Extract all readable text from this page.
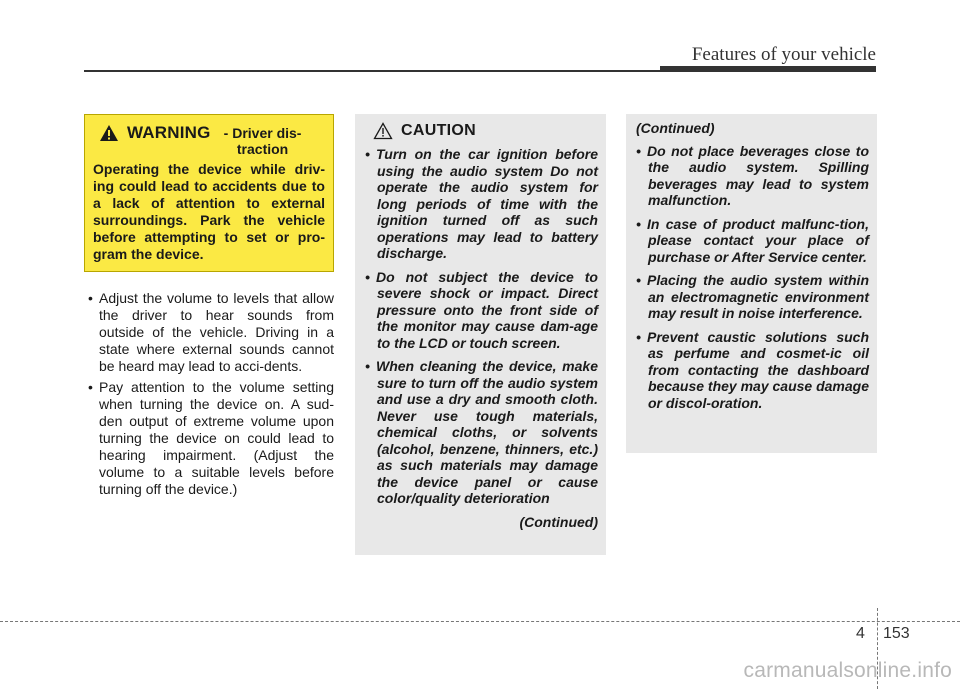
Features of your vehicle
WARNING - Driver dis-traction

Operating the device while driv-ing could lead to accidents due to a lack of attention to external surroundings. Park the vehicle before attempting to set or pro-gram the device.

• Adjust the volume to levels that allow the driver to hear sounds from outside of the vehicle. Driving in a state where external sounds cannot be heard may lead to acci-dents.
• Pay attention to the volume setting when turning the device on. A sud-den output of extreme volume upon turning the device on could lead to hearing impairment. (Adjust the volume to a suitable levels before turning off the device.)
CAUTION
• Turn on the car ignition before using the audio system Do not operate the audio system for long periods of time with the ignition turned off as such operations may lead to battery discharge.
• Do not subject the device to severe shock or impact. Direct pressure onto the front side of the monitor may cause dam-age to the LCD or touch screen.
• When cleaning the device, make sure to turn off the audio system and use a dry and smooth cloth. Never use tough materials, chemical cloths, or solvents (alcohol, benzene, thinners, etc.) as such materials may damage the device panel or cause color/quality deterioration
(Continued)
(Continued)
• Do not place beverages close to the audio system. Spilling beverages may lead to system malfunction.
• In case of product malfunc-tion, please contact your place of purchase or After Service center.
• Placing the audio system within an electromagnetic environment may result in noise interference.
• Prevent caustic solutions such as perfume and cosmet-ic oil from contacting the dashboard because they may cause damage or discol-oration.
4 153
carmanualsonline.info
